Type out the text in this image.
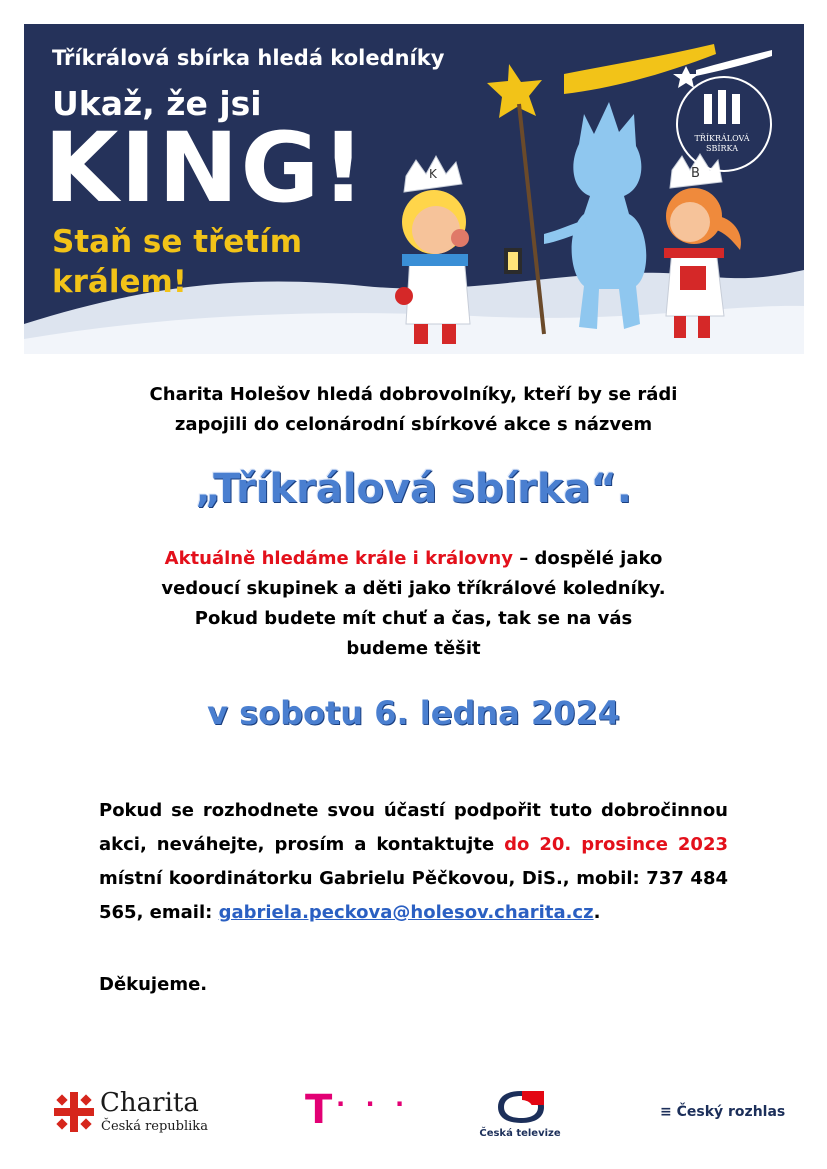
Tříkrálová sbírka hledá koledníky
Ukaž, že jsi
KING!
Staň se třetím
králem!
TŘÍKRÁLOVÁ SBÍRKA
K	B
Charita Holešov hledá dobrovolníky, kteří by se rádi
zapojili do celonárodní sbírkové akce s názvem
„Tříkrálová sbírka“.
Aktuálně hledáme krále i královny – dospělé jako
vedoucí skupinek a děti jako tříkrálové koledníky.
Pokud budete mít chuť a čas, tak se na vás
budeme těšit
v sobotu 6. ledna 2024
Pokud se rozhodnete svou účastí podpořit tuto dobročinnou akci, neváhejte, prosím a kontaktujte do 20. prosince 2023 místní koordinátorku Gabrielu Pěčkovou, DiS., mobil: 737 484 565, email: gabriela.peckova@holesov.charita.cz.
Děkujeme.
Charita
Česká republika T · · ·
Česká televize
≡ Český rozhlas
